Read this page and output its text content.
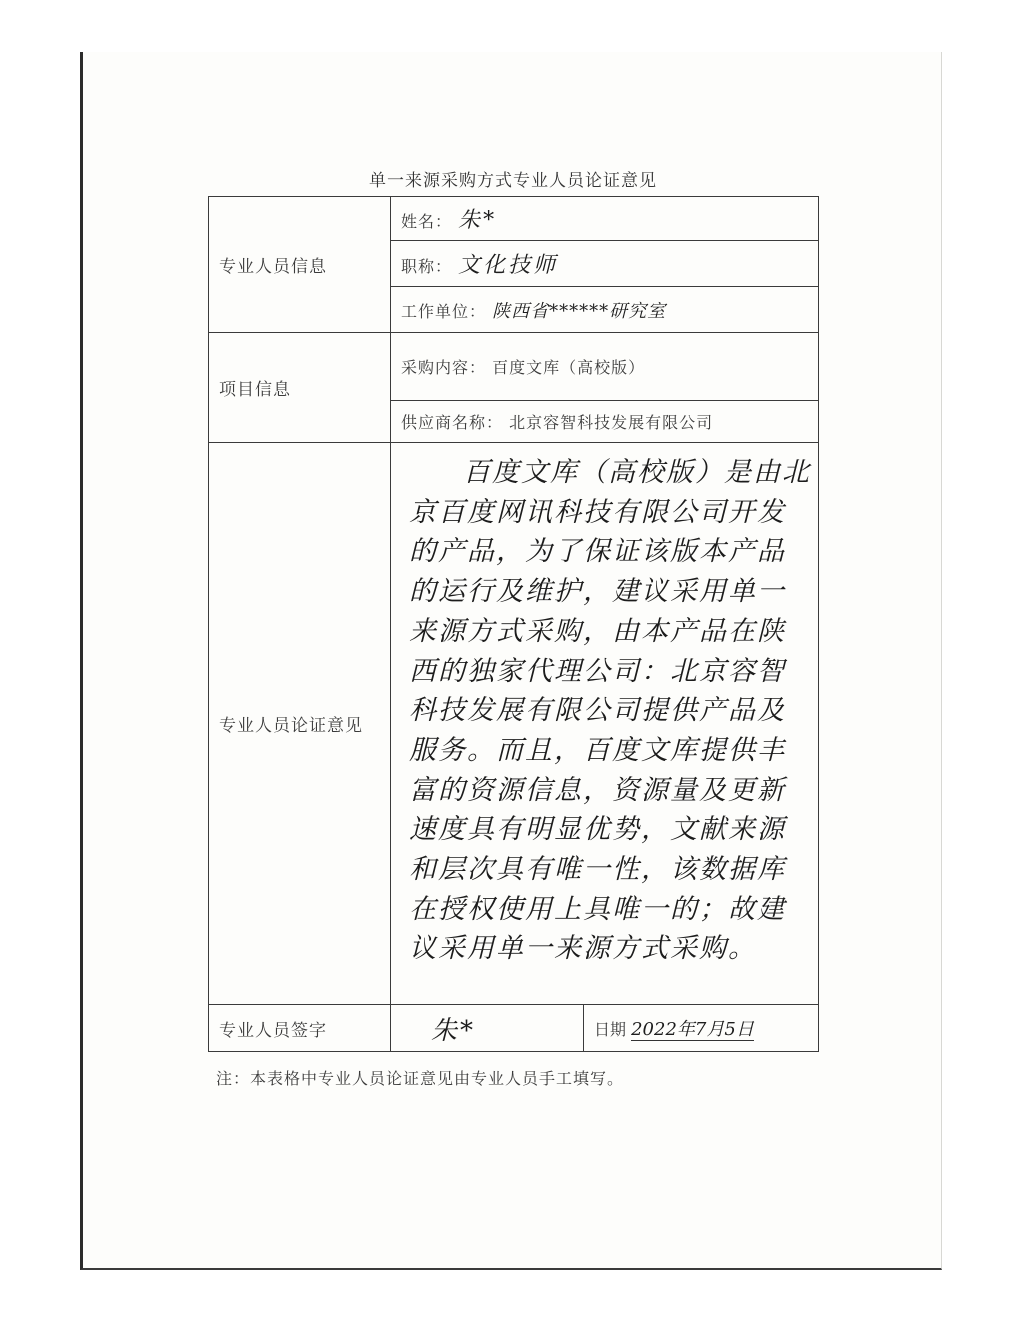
单一来源采购方式专业人员论证意见
专业人员信息	姓名： 朱*	
	职称： 文化技师	
	工作单位： 陕西省******研究室	
项目信息	采购内容： 百度文库（高校版）	
	供应商名称： 北京容智科技发展有限公司	
专业人员论证意见	百度文库（高校版）是由北京百度网讯科技有限公司开发的产品，为了保证该版本产品的运行及维护，建议采用单一来源方式采购，由本产品在陕西的独家代理公司：北京容智科技发展有限公司提供产品及服务。而且，百度文库提供丰富的资源信息，资源量及更新速度具有明显优势，文献来源和层次具有唯一性，该数据库在授权使用上具唯一的；故建议采用单一来源方式采购。	

专业人员签字	朱*	日期 2022年7月5日
注：本表格中专业人员论证意见由专业人员手工填写。
